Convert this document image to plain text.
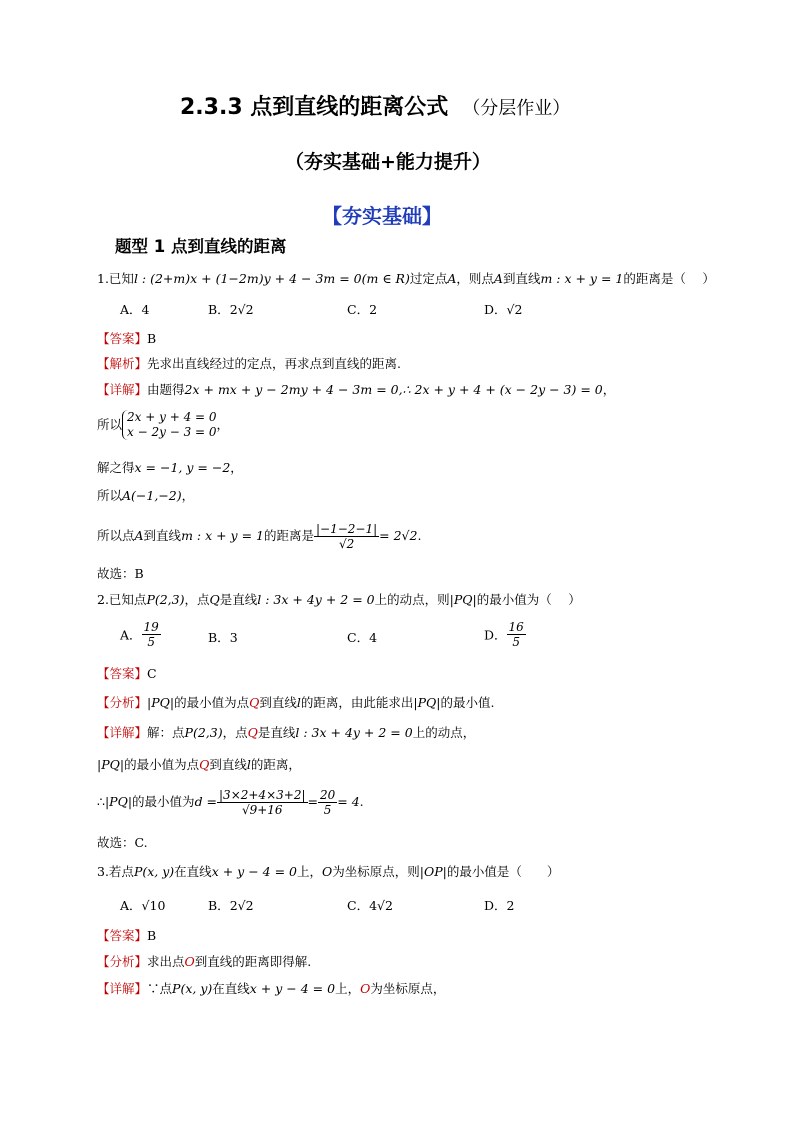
2.3.3 点到直线的距离公式 （分层作业）
（夯实基础+能力提升）
【夯实基础】
题型 1 点到直线的距离
1.已知l : (2+m)x + (1−2m)y + 4 − 3m = 0(m ∈ R)过定点A，则点A到直线m : x + y = 1的距离是（　 ）
A．4	B．2√2	C．2	D．√2
【答案】B
【解析】先求出直线经过的定点，再求点到直线的距离.
【详解】由题得2x + mx + y − 2my + 4 − 3m = 0,∴ 2x + y + 4 + (x − 2y − 3) = 0，
所以 2x + y + 4 = 0
x − 2y − 3 = 0 ，
解之得x = −1, y = −2，
所以A(−1,−2)，
所以点A到直线m : x + y = 1的距离是 $\frac{|-1-2-1|}{√2} = 2√2$.
故选：B
2.已知点P(2,3)，点Q是直线l : 3x + 4y + 2 = 0上的动点，则|PQ|的最小值为（　 ）
A． $\frac{19}{5}$	B．3	C．4	D． $\frac{16}{5}$
【答案】C
【分析】|PQ|的最小值为点Q到直线l的距离，由此能求出|PQ|的最小值.
【详解】解：点P(2,3)，点Q是直线l : 3x + 4y + 2 = 0上的动点，
|PQ|的最小值为点Q到直线l的距离，
∴|PQ|的最小值为$d = \frac{|3\times 2+4\times 3+2|}{√9+16} = \frac{20}{5} = 4$.
故选：C.
3.若点P(x, y)在直线x + y − 4 = 0上，O为坐标原点，则|OP|的最小值是（　　）
A．√10	B．2√2	C．4√2	D．2
【答案】B
【分析】求出点O到直线的距离即得解.
【详解】∵点P(x, y)在直线x + y − 4 = 0上，O为坐标原点，
